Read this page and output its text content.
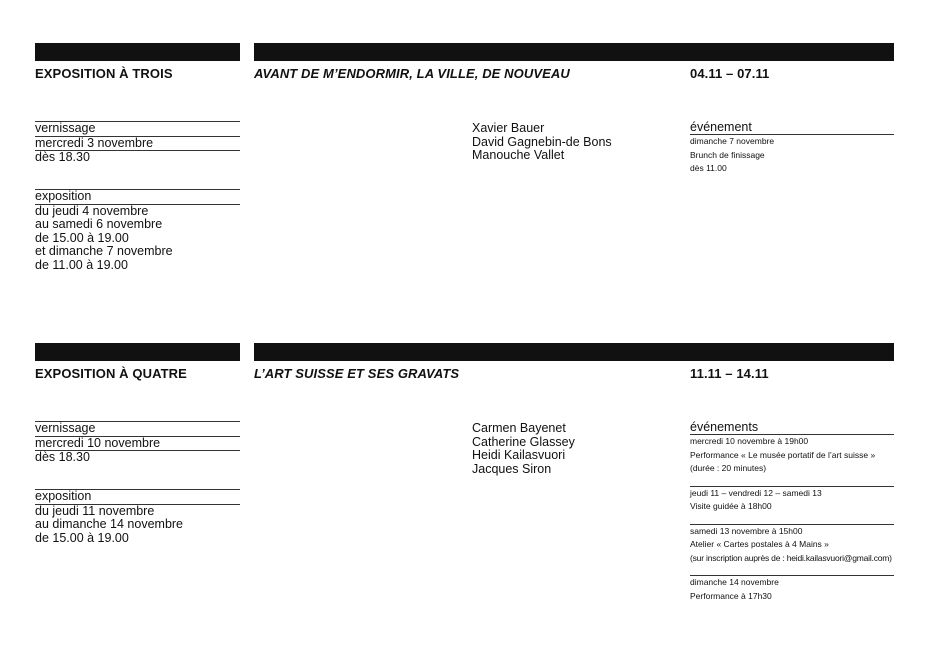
EXPOSITION À TROIS	AVANT DE M’ENDORMIR, LA VILLE, DE NOUVEAU	04.11 – 07.11
vernissage
mercredi 3 novembre
dès 18.30
exposition
du jeudi 4 novembre
au samedi 6 novembre
de 15.00 à 19.00
et dimanche 7 novembre
de 11.00 à 19.00
Xavier Bauer
David Gagnebin-de Bons
Manouche Vallet
événement
dimanche 7 novembre
Brunch de finissage
dès 11.00
EXPOSITION À QUATRE	L’ART SUISSE ET SES GRAVATS	11.11 – 14.11
vernissage
mercredi 10 novembre
dès 18.30
exposition
du jeudi 11 novembre
au dimanche 14 novembre
de 15.00 à 19.00
Carmen Bayenet
Catherine Glassey
Heidi Kailasvuori
Jacques Siron
événements
mercredi 10 novembre à 19h00
Performance « Le musée portatif de l’art suisse »
(durée : 20 minutes)
jeudi 11 – vendredi 12 – samedi 13
Visite guidée à 18h00
samedi 13 novembre à 15h00
Atelier « Cartes postales à 4 Mains »
(sur inscription auprès de : heidi.kailasvuori@gmail.com)
dimanche 14 novembre
Performance à 17h30
